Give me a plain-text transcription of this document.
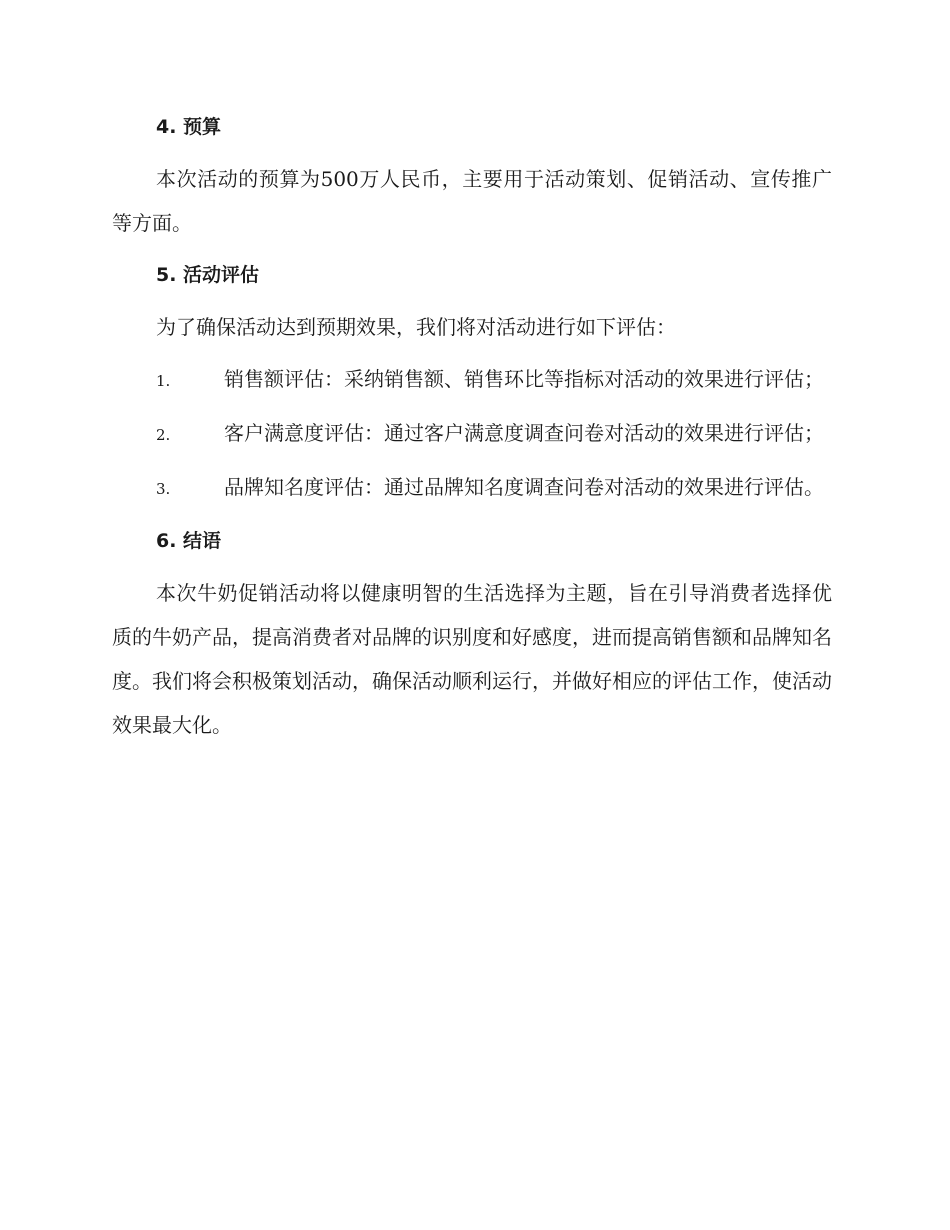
4. 预算

本次活动的预算为500万人民币，主要用于活动策划、促销活动、宣传推广等方面。

5. 活动评估

为了确保活动达到预期效果，我们将对活动进行如下评估：

1.	销售额评估：采纳销售额、销售环比等指标对活动的效果进行评估；

2.	客户满意度评估：通过客户满意度调查问卷对活动的效果进行评估；

3.	品牌知名度评估：通过品牌知名度调查问卷对活动的效果进行评估。

6. 结语

本次牛奶促销活动将以健康明智的生活选择为主题，旨在引导消费者选择优质的牛奶产品，提高消费者对品牌的识别度和好感度，进而提高销售额和品牌知名度。我们将会积极策划活动，确保活动顺利运行，并做好相应的评估工作，使活动效果最大化。
